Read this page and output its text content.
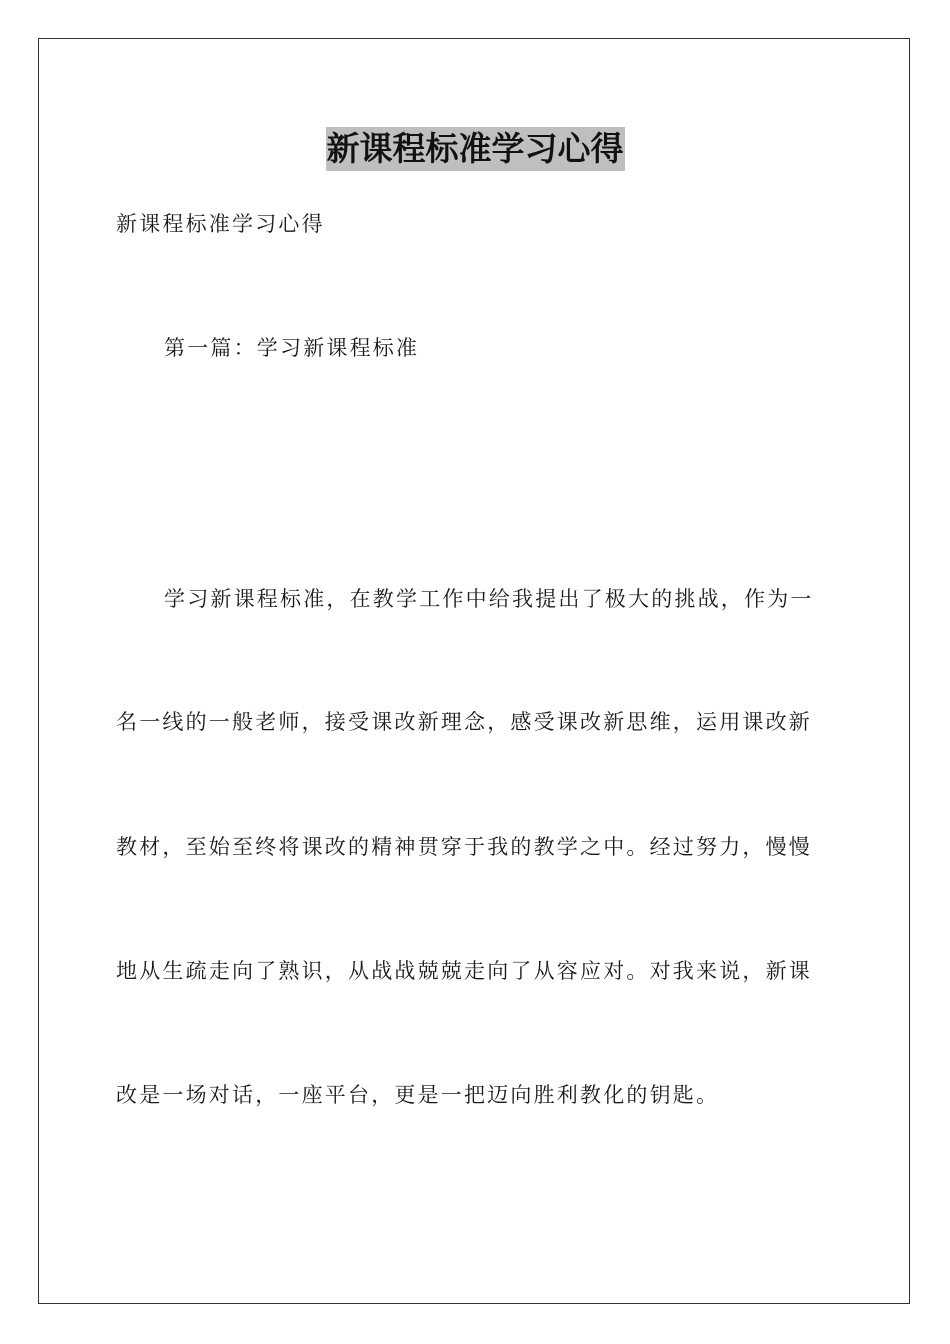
新课程标准学习心得

新课程标准学习心得

第一篇：学习新课程标准

学习新课程标准，在教学工作中给我提出了极大的挑战，作为一

名一线的一般老师，接受课改新理念，感受课改新思维，运用课改新

教材，至始至终将课改的精神贯穿于我的教学之中。经过努力，慢慢

地从生疏走向了熟识，从战战兢兢走向了从容应对。对我来说，新课

改是一场对话，一座平台，更是一把迈向胜利教化的钥匙。
